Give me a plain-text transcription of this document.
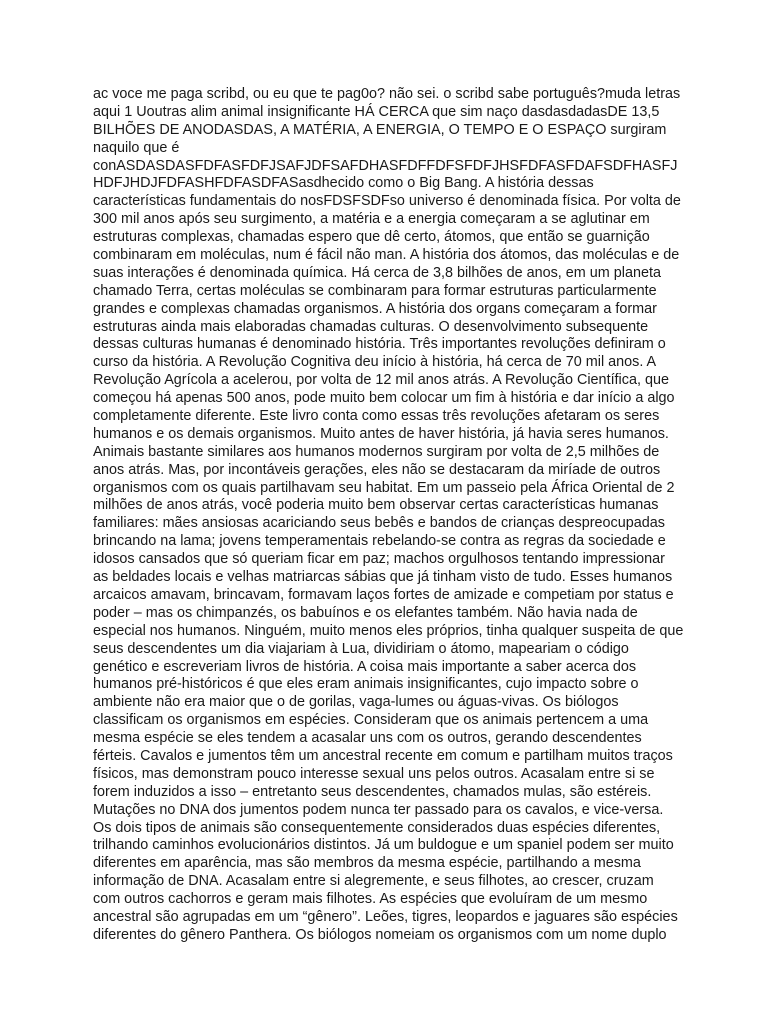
ac voce me paga scribd, ou eu que te pag0o? não sei. o scribd sabe português?muda letras
aqui 1 Uoutras alim animal insignificante HÁ CERCA que sim naço dasdasdadasDE 13,5
BILHÕES DE ANODASDAS, A MATÉRIA, A ENERGIA, O TEMPO E O ESPAÇO surgiram
naquilo que é
conASDASDASFDFASFDFJSAFJDFSAFDHASFDFFDFSFDFJHSFDFASFDAFSDFHASFJ
HDFJHDJFDFASHFDFASDFASasdhecido como o Big Bang. A história dessas
características fundamentais do nosFDSFSDFso universo é denominada física. Por volta de
300 mil anos após seu surgimento, a matéria e a energia começaram a se aglutinar em
estruturas complexas, chamadas espero que dê certo, átomos, que então se guarnição
combinaram em moléculas, num é fácil não man. A história dos átomos, das moléculas e de
suas interações é denominada química. Há cerca de 3,8 bilhões de anos, em um planeta
chamado Terra, certas moléculas se combinaram para formar estruturas particularmente
grandes e complexas chamadas organismos. A história dos organs começaram a formar
estruturas ainda mais elaboradas chamadas culturas. O desenvolvimento subsequente
dessas culturas humanas é denominado história. Três importantes revoluções definiram o
curso da história. A Revolução Cognitiva deu início à história, há cerca de 70 mil anos. A
Revolução Agrícola a acelerou, por volta de 12 mil anos atrás. A Revolução Científica, que
começou há apenas 500 anos, pode muito bem colocar um fim à história e dar início a algo
completamente diferente. Este livro conta como essas três revoluções afetaram os seres
humanos e os demais organismos. Muito antes de haver história, já havia seres humanos.
Animais bastante similares aos humanos modernos surgiram por volta de 2,5 milhões de
anos atrás. Mas, por incontáveis gerações, eles não se destacaram da miríade de outros
organismos com os quais partilhavam seu habitat. Em um passeio pela África Oriental de 2
milhões de anos atrás, você poderia muito bem observar certas características humanas
familiares: mães ansiosas acariciando seus bebês e bandos de crianças despreocupadas
brincando na lama; jovens temperamentais rebelando-se contra as regras da sociedade e
idosos cansados que só queriam ficar em paz; machos orgulhosos tentando impressionar
as beldades locais e velhas matriarcas sábias que já tinham visto de tudo. Esses humanos
arcaicos amavam, brincavam, formavam laços fortes de amizade e competiam por status e
poder – mas os chimpanzés, os babuínos e os elefantes também. Não havia nada de
especial nos humanos. Ninguém, muito menos eles próprios, tinha qualquer suspeita de que
seus descendentes um dia viajariam à Lua, dividiriam o átomo, mapeariam o código
genético e escreveriam livros de história. A coisa mais importante a saber acerca dos
humanos pré-históricos é que eles eram animais insignificantes, cujo impacto sobre o
ambiente não era maior que o de gorilas, vaga-lumes ou águas-vivas. Os biólogos
classificam os organismos em espécies. Consideram que os animais pertencem a uma
mesma espécie se eles tendem a acasalar uns com os outros, gerando descendentes
férteis. Cavalos e jumentos têm um ancestral recente em comum e partilham muitos traços
físicos, mas demonstram pouco interesse sexual uns pelos outros. Acasalam entre si se
forem induzidos a isso – entretanto seus descendentes, chamados mulas, são estéreis.
Mutações no DNA dos jumentos podem nunca ter passado para os cavalos, e vice-versa.
Os dois tipos de animais são consequentemente considerados duas espécies diferentes,
trilhando caminhos evolucionários distintos. Já um buldogue e um spaniel podem ser muito
diferentes em aparência, mas são membros da mesma espécie, partilhando a mesma
informação de DNA. Acasalam entre si alegremente, e seus filhotes, ao crescer, cruzam
com outros cachorros e geram mais filhotes. As espécies que evoluíram de um mesmo
ancestral são agrupadas em um “gênero”. Leões, tigres, leopardos e jaguares são espécies
diferentes do gênero Panthera. Os biólogos nomeiam os organismos com um nome duplo
